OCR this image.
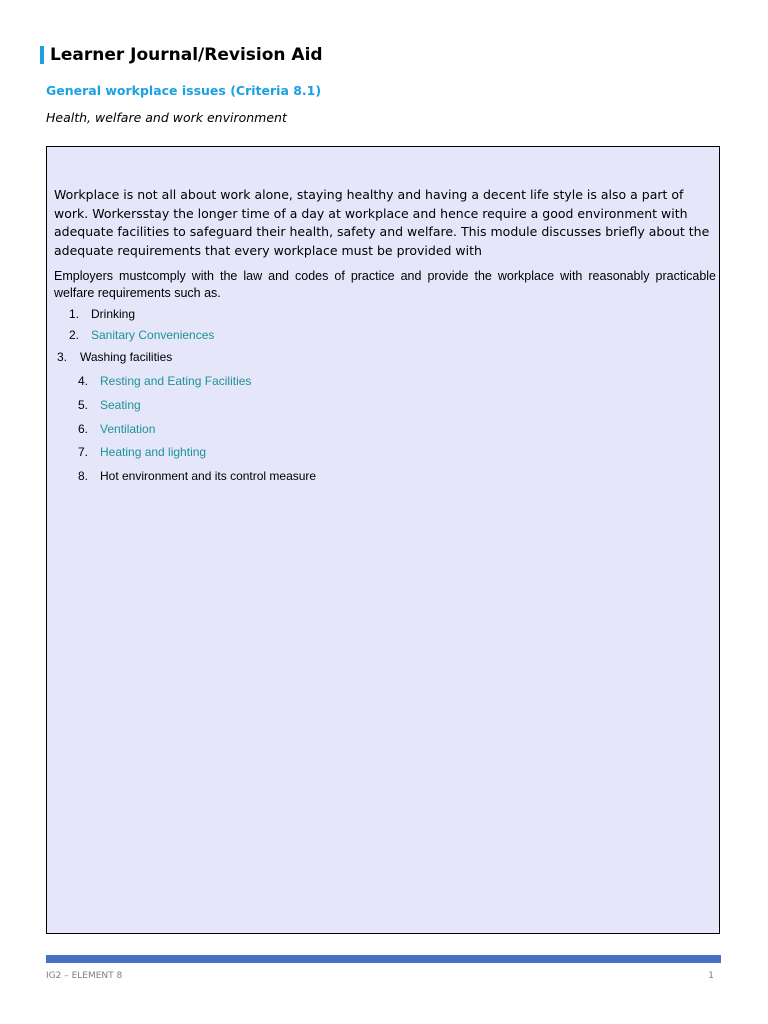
Learner Journal/Revision Aid
General workplace issues (Criteria 8.1)
Health, welfare and work environment

Workplace is not all about work alone, staying healthy and having a decent life style is also a part of work. Workersstay the longer time of a day at workplace and hence require a good environment with adequate facilities to safeguard their health, safety and welfare. This module discusses briefly about the adequate requirements that every workplace must be provided with

Employers mustcomply with the law and codes of practice and provide the workplace with reasonably practicable welfare requirements such as.

1. Drinking
2. Sanitary Conveniences
3. Washing facilities
4. Resting and Eating Facilities
5. Seating
6. Ventilation
7. Heating and lighting
8. Hot environment and its control measure
IG2 – ELEMENT 8	1
